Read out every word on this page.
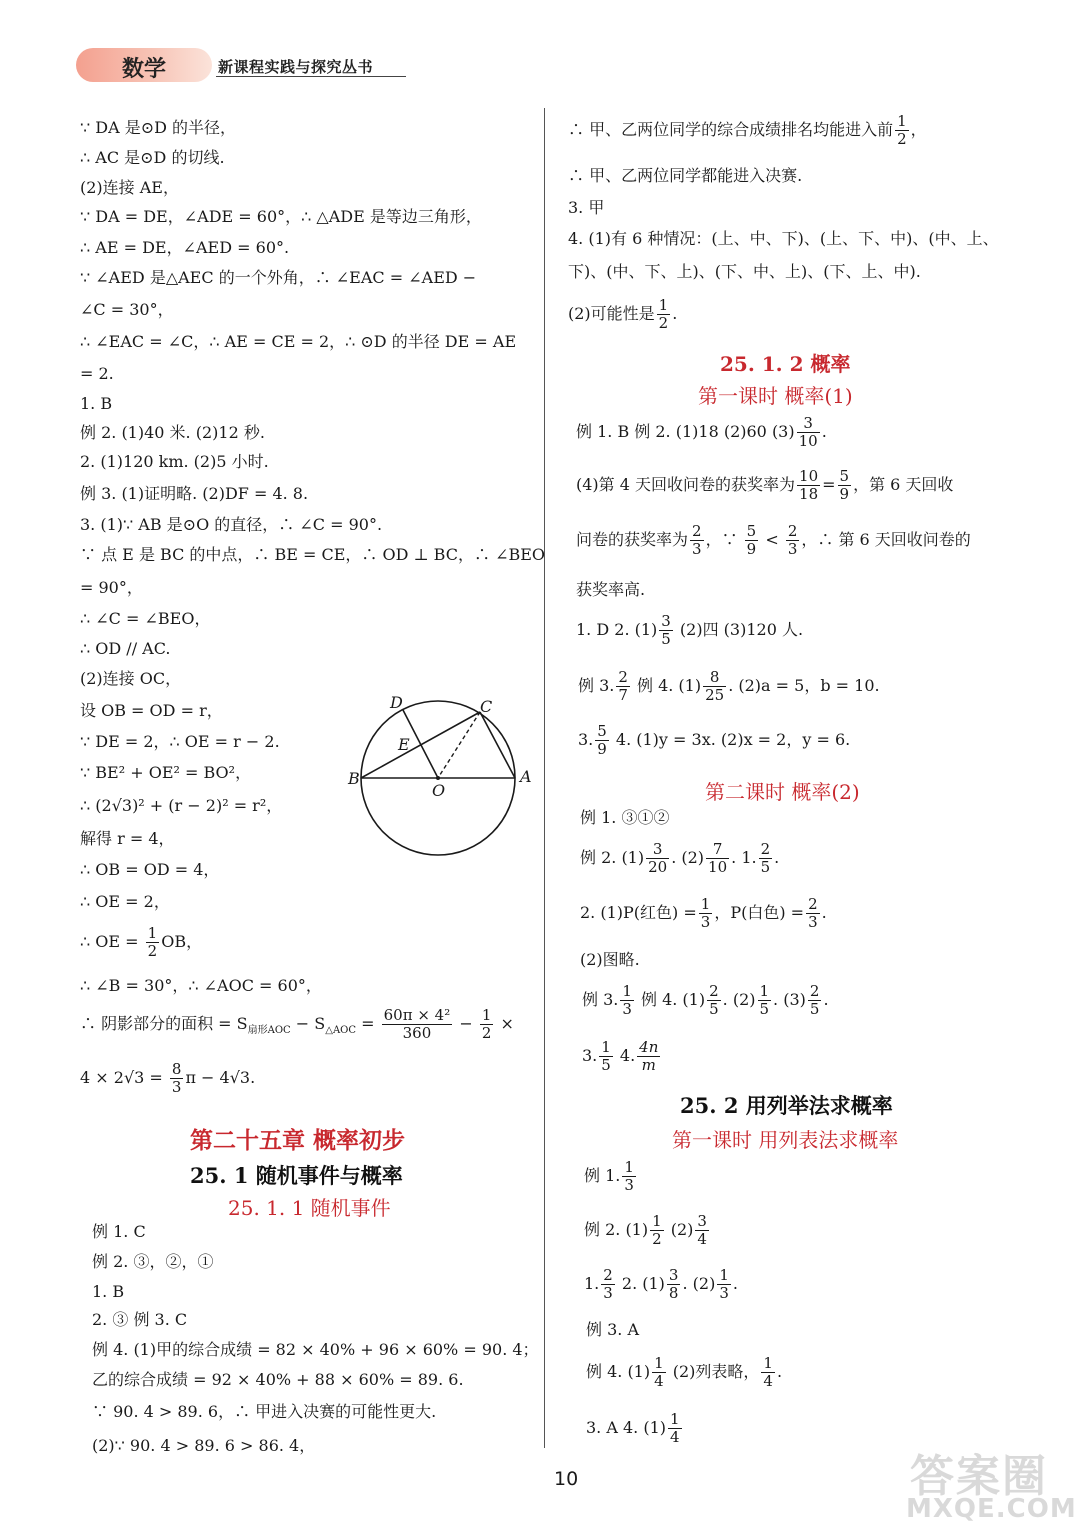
数学	新课程实践与探究丛书
∵ DA 是⊙D 的半径，
∴ AC 是⊙D 的切线.
(2)连接 AE，
∵ DA = DE，∠ADE = 60°，∴ △ADE 是等边三角形，
∴ AE = DE，∠AED = 60°.
∵ ∠AED 是△AEC 的一个外角，∴ ∠EAC = ∠AED −
∠C = 30°，
∴ ∠EAC = ∠C，∴ AE = CE = 2，∴ ⊙D 的半径 DE = AE
= 2.
1. B
例 2. (1)40 米. (2)12 秒.
2. (1)120 km. (2)5 小时.
例 3. (1)证明略. (2)DF = 4. 8.
3. (1)∵ AB 是⊙O 的直径，∴ ∠C = 90°.
∵ 点 E 是 BC 的中点，∴ BE = CE，∴ OD ⊥ BC，∴ ∠BEO
= 90°，
∴ ∠C = ∠BEO，
∴ OD // AC.
(2)连接 OC，
设 OB = OD = r，
∵ DE = 2，∴ OE = r − 2.
∵ BE² + OE² = BO²，
∴ (2√3)² + (r − 2)² = r²，
解得 r = 4，
∴ OB = OD = 4，
∴ OE = 2，
∴ OE = $\frac{1}{2}$ OB，
∴ ∠B = 30°，∴ ∠AOC = 60°，
∴ 阴影部分的面积 = $S_{扇形AOC} - S_{\triangle AOC} = \frac{\text{60π × 4²}}{360} - \frac{1}{2}$ ×
$4 \times 2√3 = \frac{8}{3}$ π − 4√3.
第二十五章 概率初步
25. 1 随机事件与概率
25. 1. 1 随机事件
例 1. C
例 2. ③，②，①
1. B
2. ③ 例 3. C
例 4. (1)甲的综合成绩 = 82 × 40% + 96 × 60% = 90. 4；
乙的综合成绩 = 92 × 40% + 88 × 60% = 89. 6.
∵ 90. 4 > 89. 6，∴ 甲进入决赛的可能性更大.
(2)∵ 90. 4 > 89. 6 > 86. 4，
D	C
E
B
O
A
∴ 甲、乙两位同学的综合成绩排名均能进入前 $\frac{1}{2}$ ，
∴ 甲、乙两位同学都能进入决赛.
3. 甲
4. (1)有 6 种情况：(上、中、下)、(上、下、中)、(中、上、
下)、(中、下、上)、(下、中、上)、(下、上、中).
(2)可能性是 $\frac{1}{2}$ .
25. 1. 2 概率
第一课时 概率(1)
例 1. B 例 2. (1)18 (2)60 $(3) \frac{3}{10}$ .
(4)第 4 天回收问卷的获奖率为 $\frac{10}{18} = \frac{5}{9}$ ，第 6 天回收
问卷的获奖率为 $\frac{2}{3}$ ，∵ $\frac{5}{9} < \frac{2}{3}$ ，∴ 第 6 天回收问卷的
获奖率高.
1. D 2. $(1) \frac{3}{5} (2)$四 (3)120 人.
例 3. $\frac{2}{7}$ 例 4. $(1) \frac{8}{25}$ . (2)a = 5，b = 10.
3. $\frac{5}{9} 4$. (1)y = 3x. (2)x = 2，y = 6.
第二课时 概率(2)
例 1. ③①②
例 2. $(1) \frac{3}{20}$ . $(2) \frac{7}{10}$ . 1. $\frac{2}{5}$ .
2. (1)P(红色) = $\frac{1}{3}$ ，P(白色) = $\frac{2}{3}$ .
(2)图略.
例 3. $\frac{1}{3}$ 例 4. $(1) \frac{2}{5}$ . $(2) \frac{1}{5}$ . $(3) \frac{2}{5}$ .
3. $\frac{1}{5} 4$. $\frac{4n}{m}$
25. 2 用列举法求概率
第一课时 用列表法求概率
例 1. $\frac{1}{3}$
例 2. $(1) \frac{1}{2} (2) \frac{3}{4}$
1. $\frac{2}{3} 2$. $(1) \frac{3}{8}$ . $(2) \frac{1}{3}$ .
例 3. A
例 4. $(1) \frac{1}{4} (2)$列表略， $\frac{1}{4}$ .
3. A 4. $(1) \frac{1}{4}$
10	答案圈
MXQE.COM
